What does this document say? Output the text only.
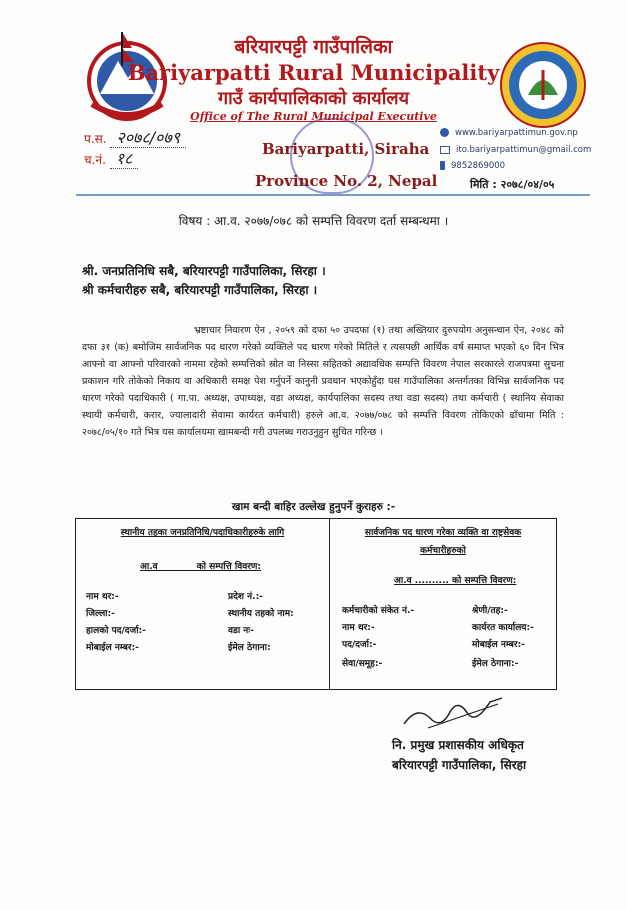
बरियारपट्टी गाउँपालिका
Bariyarpatti Rural Municipality
गाउँ कार्यपालिकाको कार्यालय
Office of The Rural Municipal Executive
Bariyarpatti, Siraha
Province No. 2, Nepal
प.स. २०७८/०७९
च.नं. १८
www.bariyarpattimun.gov.np
ito.bariyarpattimun@gmail.com
9852869000
मिति : २०७८/०४/०५
विषय : आ.व. २०७७/०७८ को सम्पत्ति विवरण दर्ता सम्बन्धमा ।
श्री. जनप्रतिनिधि सबै, बरियारपट्टी गाउँपालिका, सिरहा ।
श्री कर्मचारीहरु सबै, बरियारपट्टी गाउँपालिका, सिरहा ।

भ्रष्टाचार निवारण ऐन , २०५९ को दफा ५० उपदफा (१) तथा अख्तियार दुरुपयोग अनुसन्धान ऐन, २०४८ को दफा ३१ (क) बमोजिम सार्वजनिक पद धारण गरेको व्यक्तिले पद धारण गरेको मितिले र त्यसपछी आर्थिक वर्ष समाप्त भएको ६० दिन भित्र आफ्नो वा आफ्नो परिवारको नाममा रहेको सम्पत्तिको स्रोत वा निस्सा सहितको अद्यावधिक सम्पत्ति विवरण नेपाल सरकारले राजपत्रमा सुचना प्रकाशन गरि तोकेको निकाय वा अधिकारी समक्ष पेश गर्नुपर्ने कानुनी प्रवधान भएकोहुँदा यस गाउँपालिका अन्तर्गतका विभिन्न सार्वजनिक पद धारण गरेको पदाधिकारी ( गा.पा. अध्यक्ष, उपाध्यक्ष, वडा अध्यक्ष, कार्यपालिका सदस्य तथा वडा सदस्य) तथा कर्मचारी ( स्थानिय सेवाका स्थायी कर्मचारी, करार, ज्यालादारी सेवामा कार्यरत कर्मचारी) हरुले आ.व. २०७७/०७८ को सम्पत्ति विवरण तोकिएको ढाँचामा मिति : २०७८/०५/१० गते भित्र यस कार्यालयमा खामबन्दी गरी उपलब्ध गराउनुहुन सुचित गरिन्छ ।

खाम बन्दी बाहिर उल्लेख हुनुपर्ने कुराहरु :-
स्थानीय तहका जनप्रतिनिधि/पदाधिकारीहरुके लागि
आ.व ________को सम्पत्ति विवरण:
नाम थर:-	प्रदेश नं.:-
जिल्ला:-	स्थानीय तहको नाम:
हालको पद/दर्जा:-	वडा नः-
मोबाईल नम्बर:-	ईमेल ठेगाना:
सार्वजनिक पद धारण गरेका व्यक्ति वा राष्ट्रसेवक
कर्मचारीहरुको
आ.व .......... को सम्पत्ति विवरण:
कर्मचारीको संकेत नं.-	श्रेणी/तह:-
नाम थर:-	कार्यरत कार्यालय:-
पद/दर्जा:-	मोबाईल नम्बर:-
सेवा/समूह:-	ईमेल ठेगाना:-
नि. प्रमुख प्रशासकीय अधिकृत
बरियारपट्टी गाउँपालिका, सिरहा
